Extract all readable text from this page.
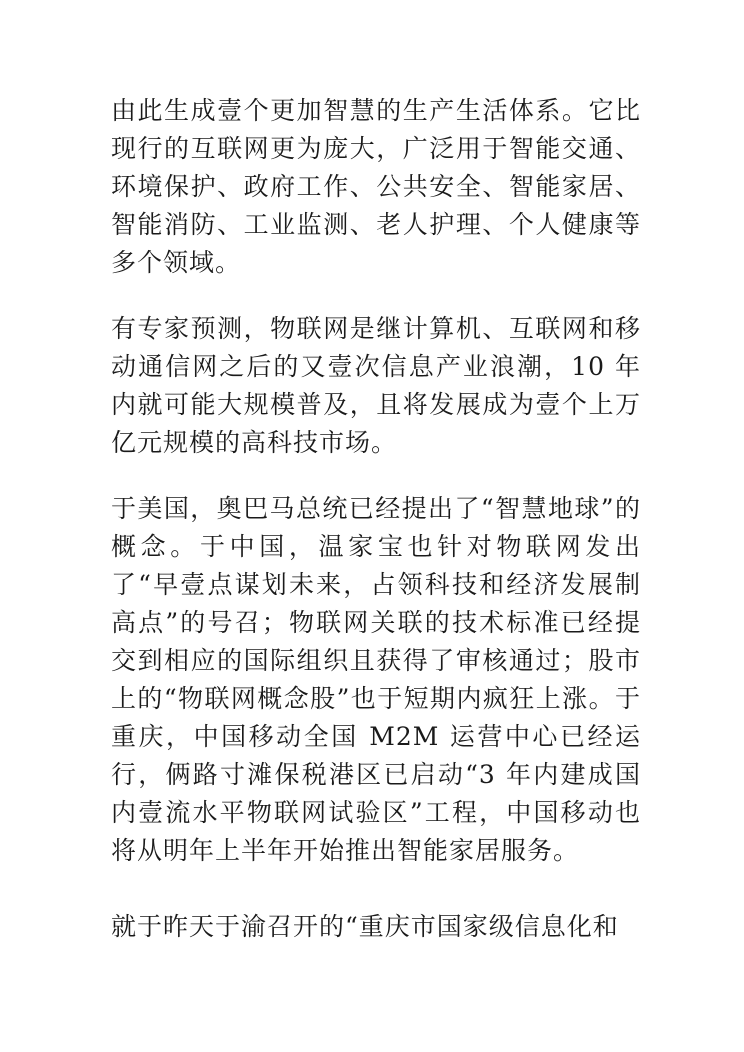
由此生成壹个更加智慧的生产生活体系。它比现行的互联网更为庞大，广泛用于智能交通、环境保护、政府工作、公共安全、智能家居、智能消防、工业监测、老人护理、个人健康等多个领域。

有专家预测，物联网是继计算机、互联网和移动通信网之后的又壹次信息产业浪潮，10 年内就可能大规模普及，且将发展成为壹个上万亿元规模的高科技市场。

于美国，奥巴马总统已经提出了“智慧地球”的概念。于中国，温家宝也针对物联网发出了“早壹点谋划未来，占领科技和经济发展制高点”的号召；物联网关联的技术标准已经提交到相应的国际组织且获得了审核通过；股市上的“物联网概念股”也于短期内疯狂上涨。于重庆，中国移动全国 M2M 运营中心已经运行，俩路寸滩保税港区已启动“3 年内建成国内壹流水平物联网试验区”工程，中国移动也将从明年上半年开始推出智能家居服务。

就于昨天于渝召开的“重庆市国家级信息化和
